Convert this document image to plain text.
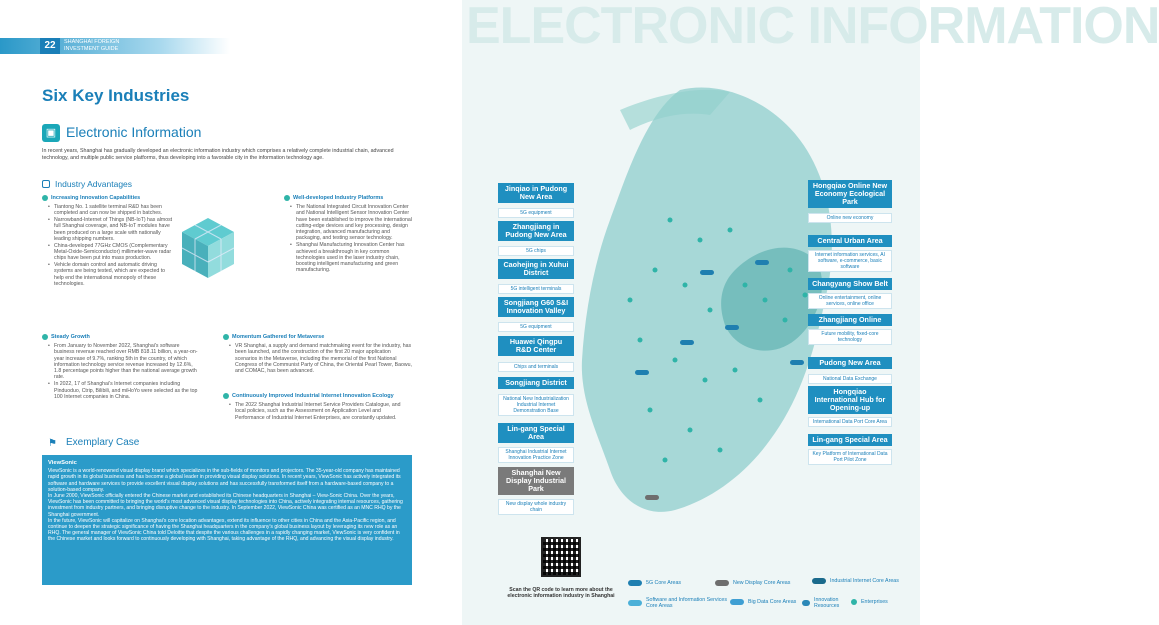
22	SHANGHAI FOREIGN INVESTMENT GUIDE
Six Key Industries
▣ Electronic Information
In recent years, Shanghai has gradually developed an electronic information industry which comprises a relatively complete industrial chain, advanced technology, and multiple public service platforms, thus developing into a favorable city in the information technology age.
Industry Advantages
Increasing Innovation Capabilities
• Tiantong No. 1 satellite terminal R&D has been completed and can now be shipped in batches.
• Narrowband-Internet of Things (NB-IoT) has almost full Shanghai coverage, and NB-IoT modules have been produced on a large scale with nationally leading shipping numbers.
• China-developed 77GHz CMOS (Complementary Metal-Oxide-Semiconductor) millimeter-wave radar chips have been put into mass production.
• Vehicle domain control and automatic driving systems are being tested, which are expected to help end the international monopoly of these technologies.
Well-developed Industry Platforms
• The National Integrated Circuit Innovation Center and National Intelligent Sensor Innovation Center have been established to improve the international cutting-edge devices and key processing, design integration, advanced manufacturing and packaging, and testing sensor technology.
• Shanghai Manufacturing Innovation Center has achieved a breakthrough in key common technologies used in the laser industry chain, boosting intelligent manufacturing and green manufacturing.
Steady Growth
• From January to November 2022, Shanghai's software business revenue reached over RMB 818.11 billion, a year-on-year increase of 9.7%, ranking 5th in the country, of which information technology service revenue increased by 12.6%, 1.8 percentage points higher than the national average growth rate.
• In 2022, 17 of Shanghai's Internet companies including Pinduoduo, Ctrip, Bilibili, and miHoYo were selected as the top 100 Internet companies in China.
Momentum Gathered for Metaverse
• VR Shanghai, a supply and demand matchmaking event for the industry, has been launched, and the construction of the first 20 major application scenarios in the Metaverse, including the memorial of the first National Congress of the Communist Party of China, the Oriental Pearl Tower, Baowu, and COMAC, has been advanced.
Continuously Improved Industrial Internet Innovation Ecology
• The 2022 Shanghai Industrial Internet Service Providers Catalogue, and local policies, such as the Assessment on Application Level and Performance of Industrial Internet Enterprises, are constantly updated.
⚑ Exemplary Case
ViewSonic

ViewSonic is a world-renowned visual display brand which specializes in the sub-fields of monitors and projectors. The 35-year-old company has maintained rapid growth in its global business and has become a global leader in providing visual display solutions. In recent years, ViewSonic has actively integrated its software and hardware services to provide excellent visual display solutions and has successfully transformed itself from a hardware-based company to a solution-based company.

In June 2000, ViewSonic officially entered the Chinese market and established its Chinese headquarters in Shanghai – View-Sonic China. Over the years, ViewSonic has been committed to bringing the world's most advanced visual display technologies into China, actively integrating internal resources, gathering investment from industry partners, and bringing disruptive change to the industry. In September 2022, ViewSonic China was certified as an MNC RHQ by the Shanghai government.

In the future, ViewSonic will capitalize on Shanghai's core location advantages, extend its influence to other cities in China and the Asia-Pacific region, and continue to deepen the strategic significance of having the Shanghai headquarters in the company's global business layout by leveraging its new role as an RHQ. The general manager of ViewSonic China told Deloitte that despite the various challenges in a rapidly changing market, ViewSonic is very confident in the Chinese market and looks forward to continuously developing with Shanghai, taking advantage of the RHQ, and advancing the visual display industry.

ELECTRONIC INFORMATION
Jinqiao in Pudong New Area
5G equipment
Zhangjiang in Pudong New Area
5G chips
Caohejing in Xuhui District
5G intelligent terminals
Songjiang G60 S&I Innovation Valley
5G equipment
Huawei Qingpu R&D Center
Chips and terminals
Songjiang District
National New Industrialization Industrial Internet Demonstration Base
Lin-gang Special Area
Shanghai Industrial Internet Innovation Practice Zone
Shanghai New Display Industrial Park
New display whole industry chain
Hongqiao Online New Economy Ecological Park
Online new economy
Central Urban Area
Internet information services, AI software, e-commerce, basic software
Changyang Show Belt
Online entertainment, online services, online office
Zhangjiang Online
Future mobility, fixed-core technology
Pudong New Area
National Data Exchange
Hongqiao International Hub for Opening-up
International Data Port Core Area
Lin-gang Special Area
Key Platform of International Data Port Pilot Zone
Scan the QR code to learn more about the electronic information industry in Shanghai
5G Core Areas	New Display Core Areas	Industrial Internet Core Areas
Software and Information Services Core Areas
Big Data Core Areas	Innovation Resources
Enterprises
